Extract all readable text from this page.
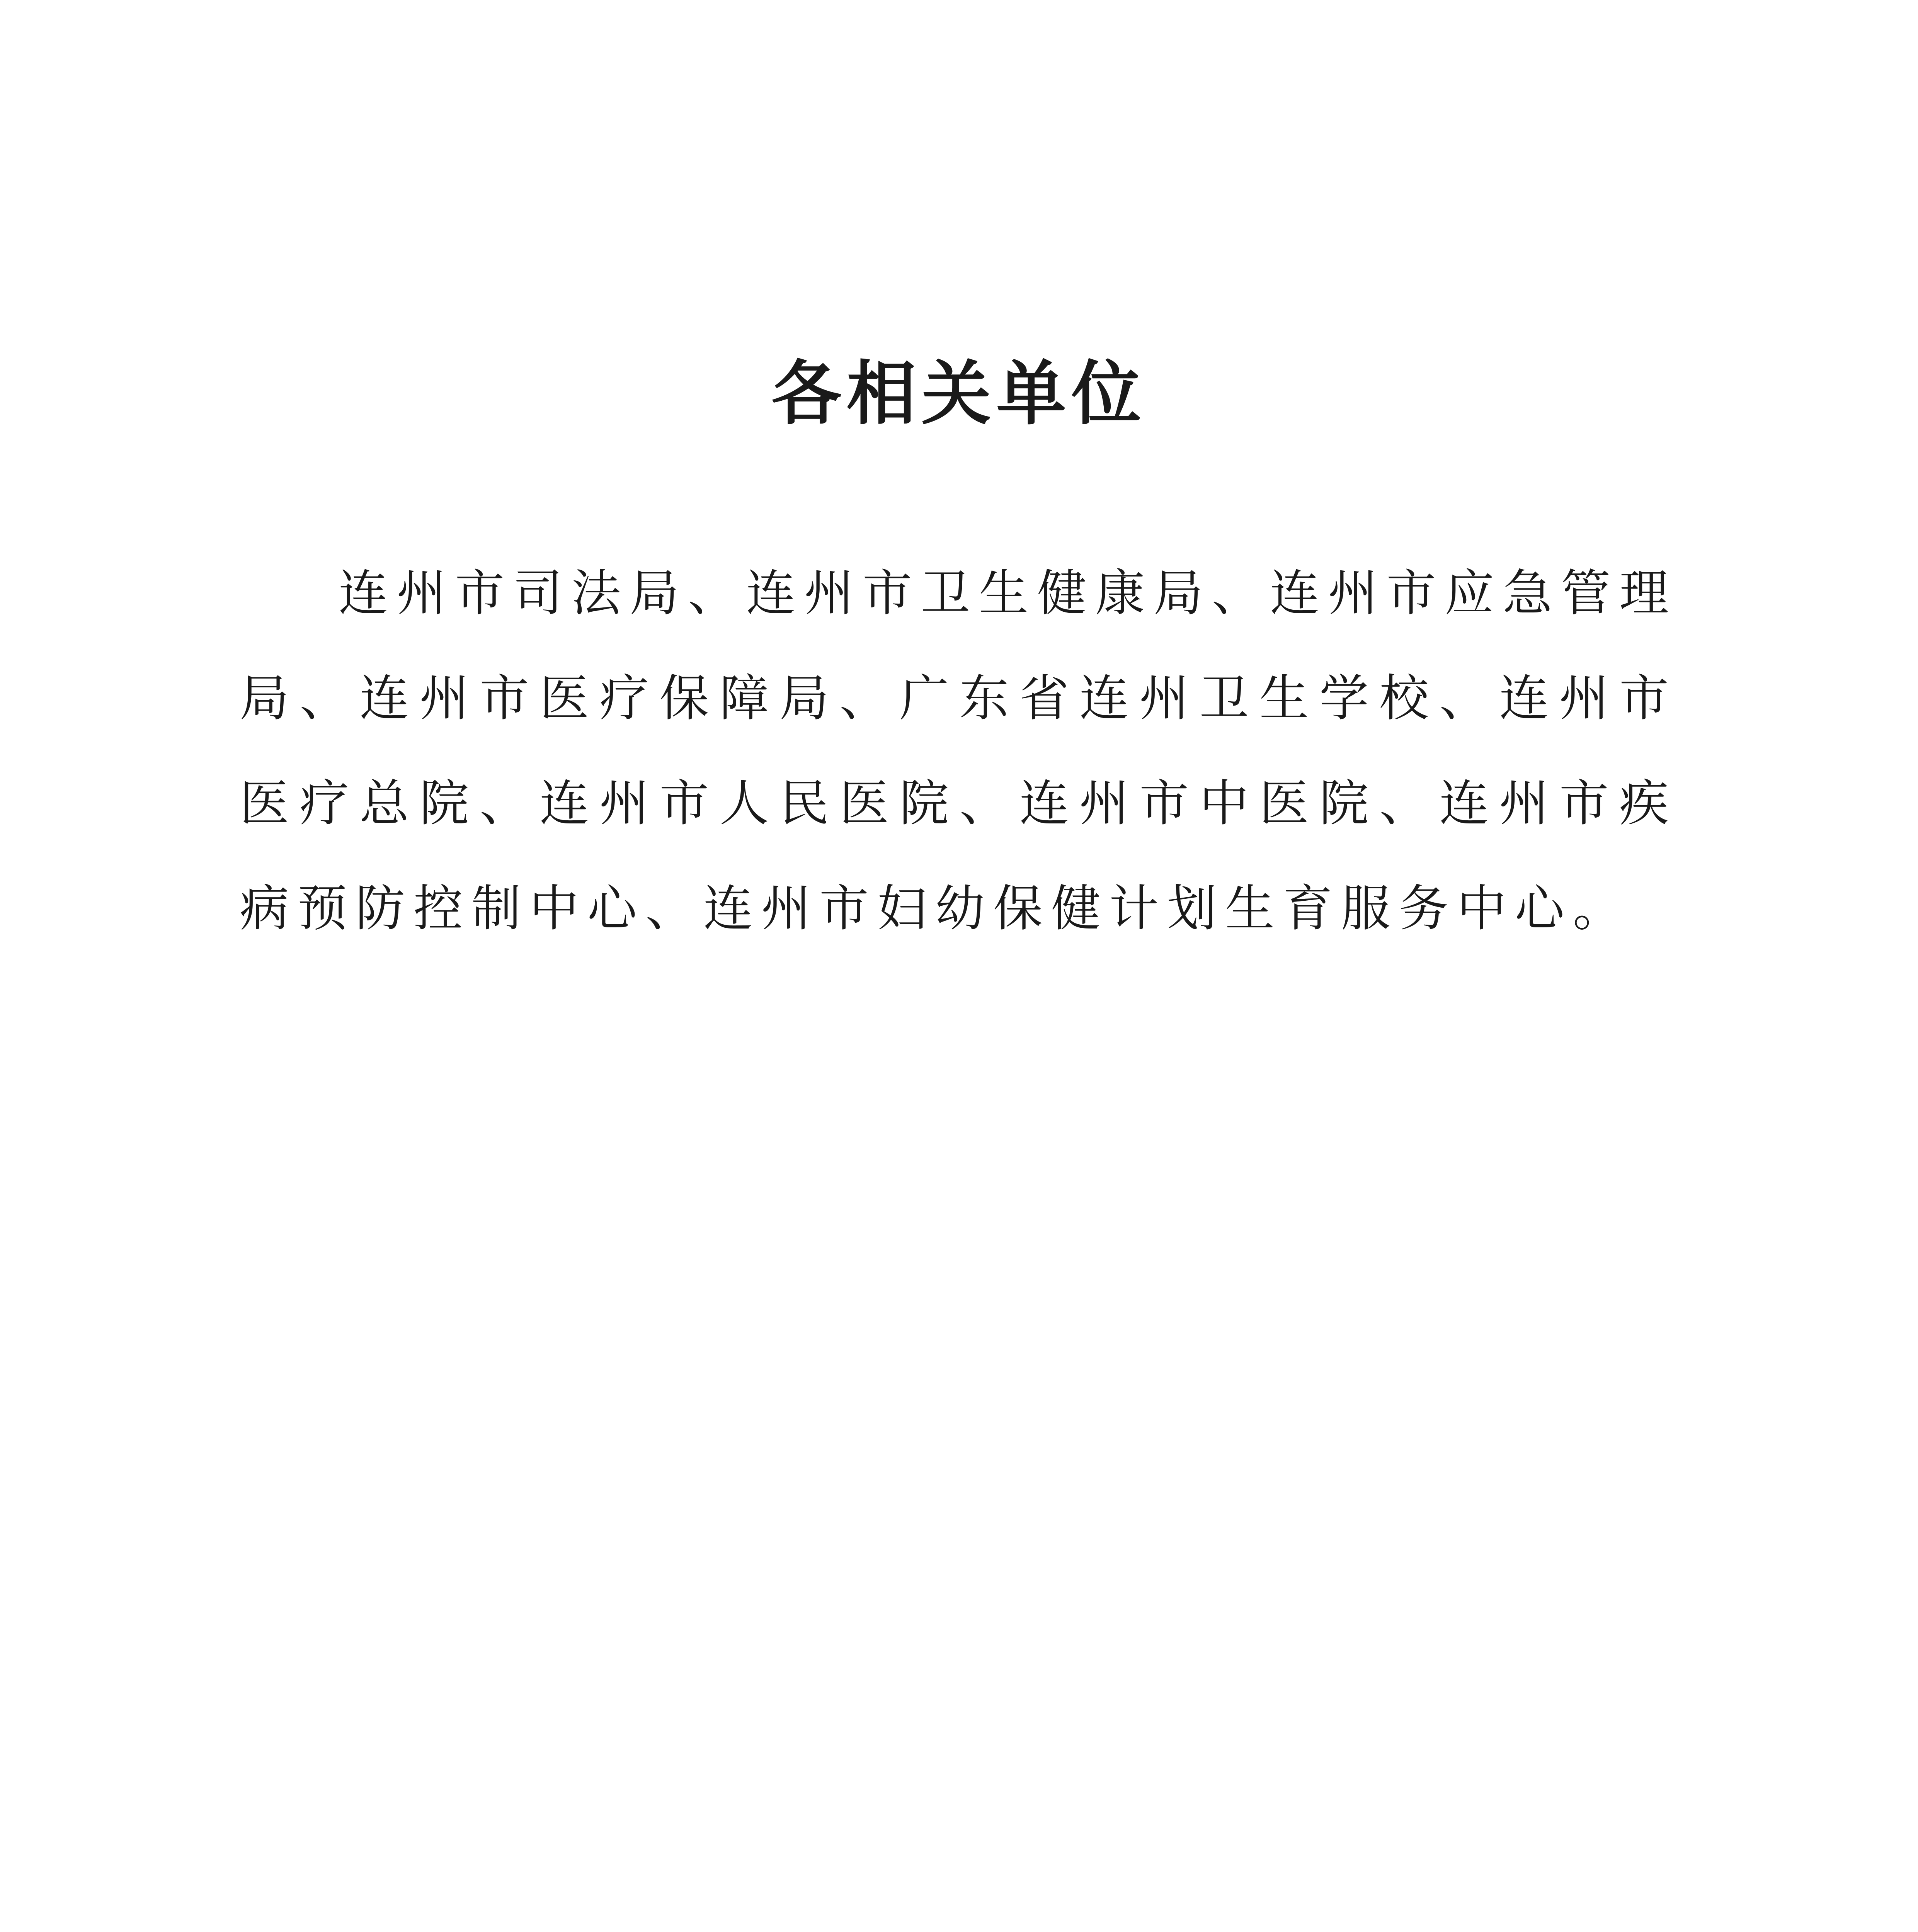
各相关单位
连州市司法局、连州市卫生健康局、连州市应急管理局、连州市医疗保障局、广东省连州卫生学校、连州市医疗总院、连州市人民医院、连州市中医院、连州市疾病预防控制中心、连州市妇幼保健计划生育服务中心。
